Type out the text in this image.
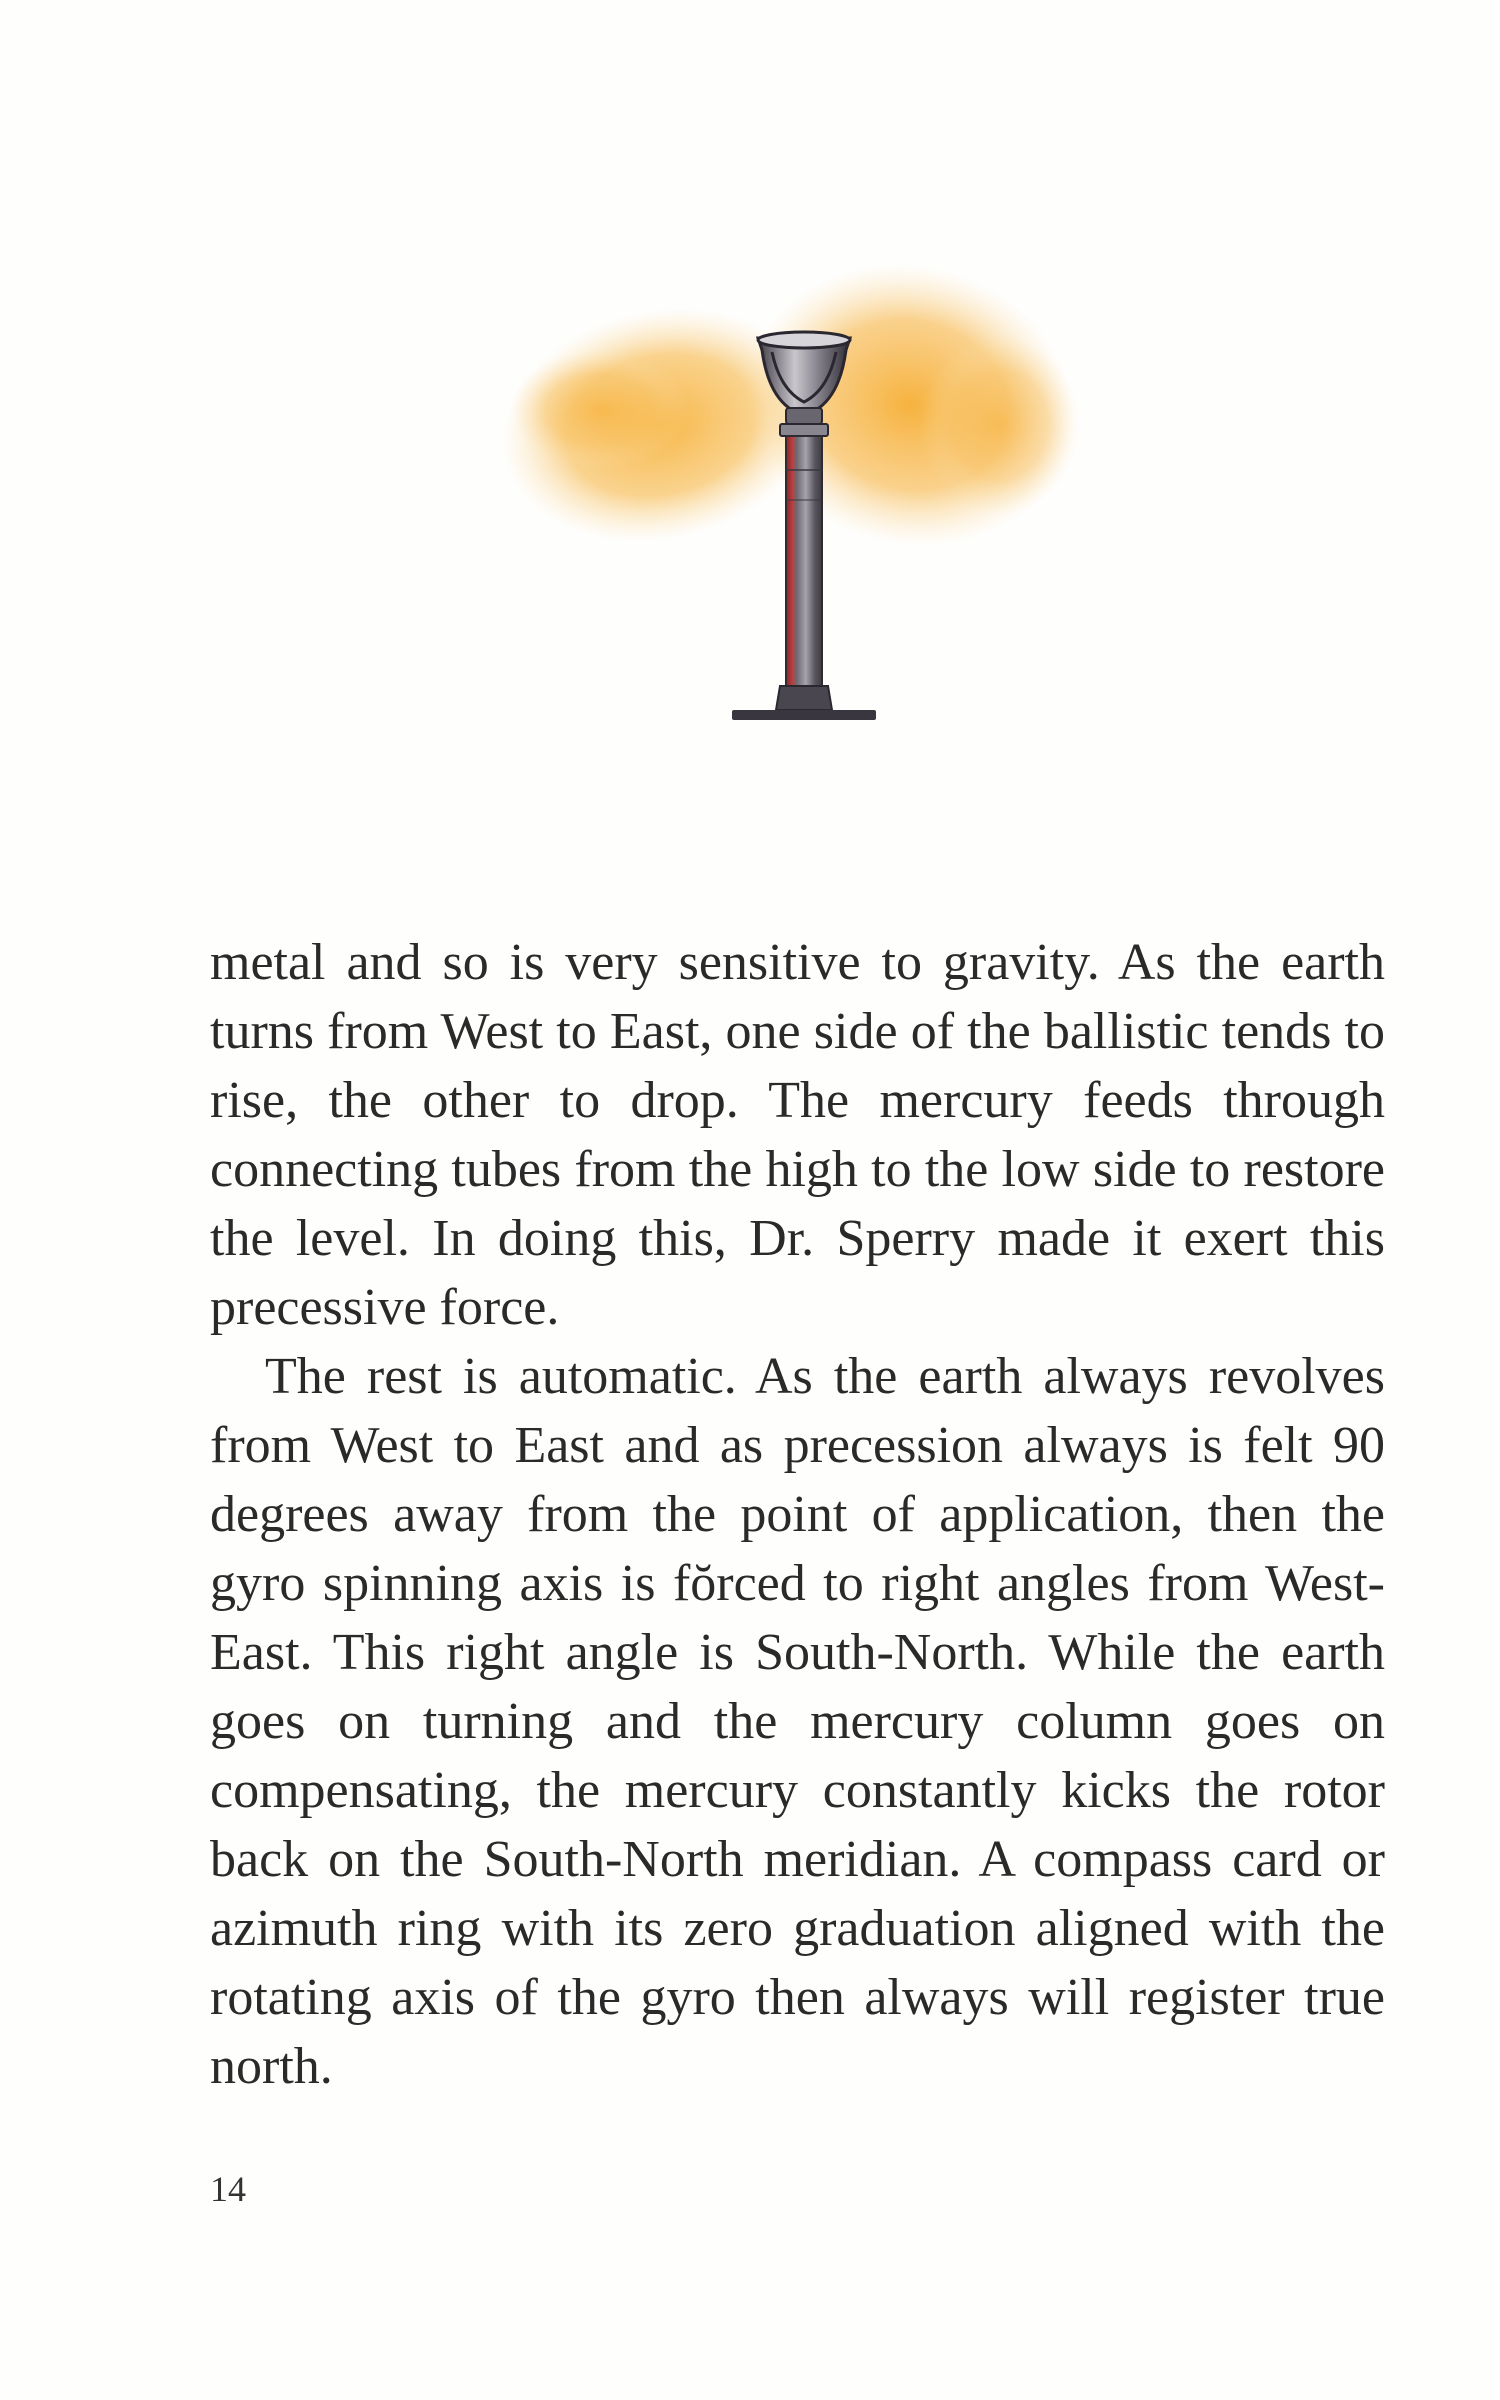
metal and so is very sensitive to gravity. As the earth turns from West to East, one side of the ballistic tends to rise, the other to drop. The mercury feeds through connecting tubes from the high to the low side to restore the level. In doing this, Dr. Sperry made it exert this precessive force.

The rest is automatic. As the earth always revolves from West to East and as precession always is felt 90 degrees away from the point of application, then the gyro spinning axis is fŏrced to right angles from West-East. This right angle is South-North. While the earth goes on turning and the mercury column goes on compensating, the mercury constantly kicks the rotor back on the South-North meridian. A compass card or azimuth ring with its zero graduation aligned with the rotating axis of the gyro then always will register true north.

14
